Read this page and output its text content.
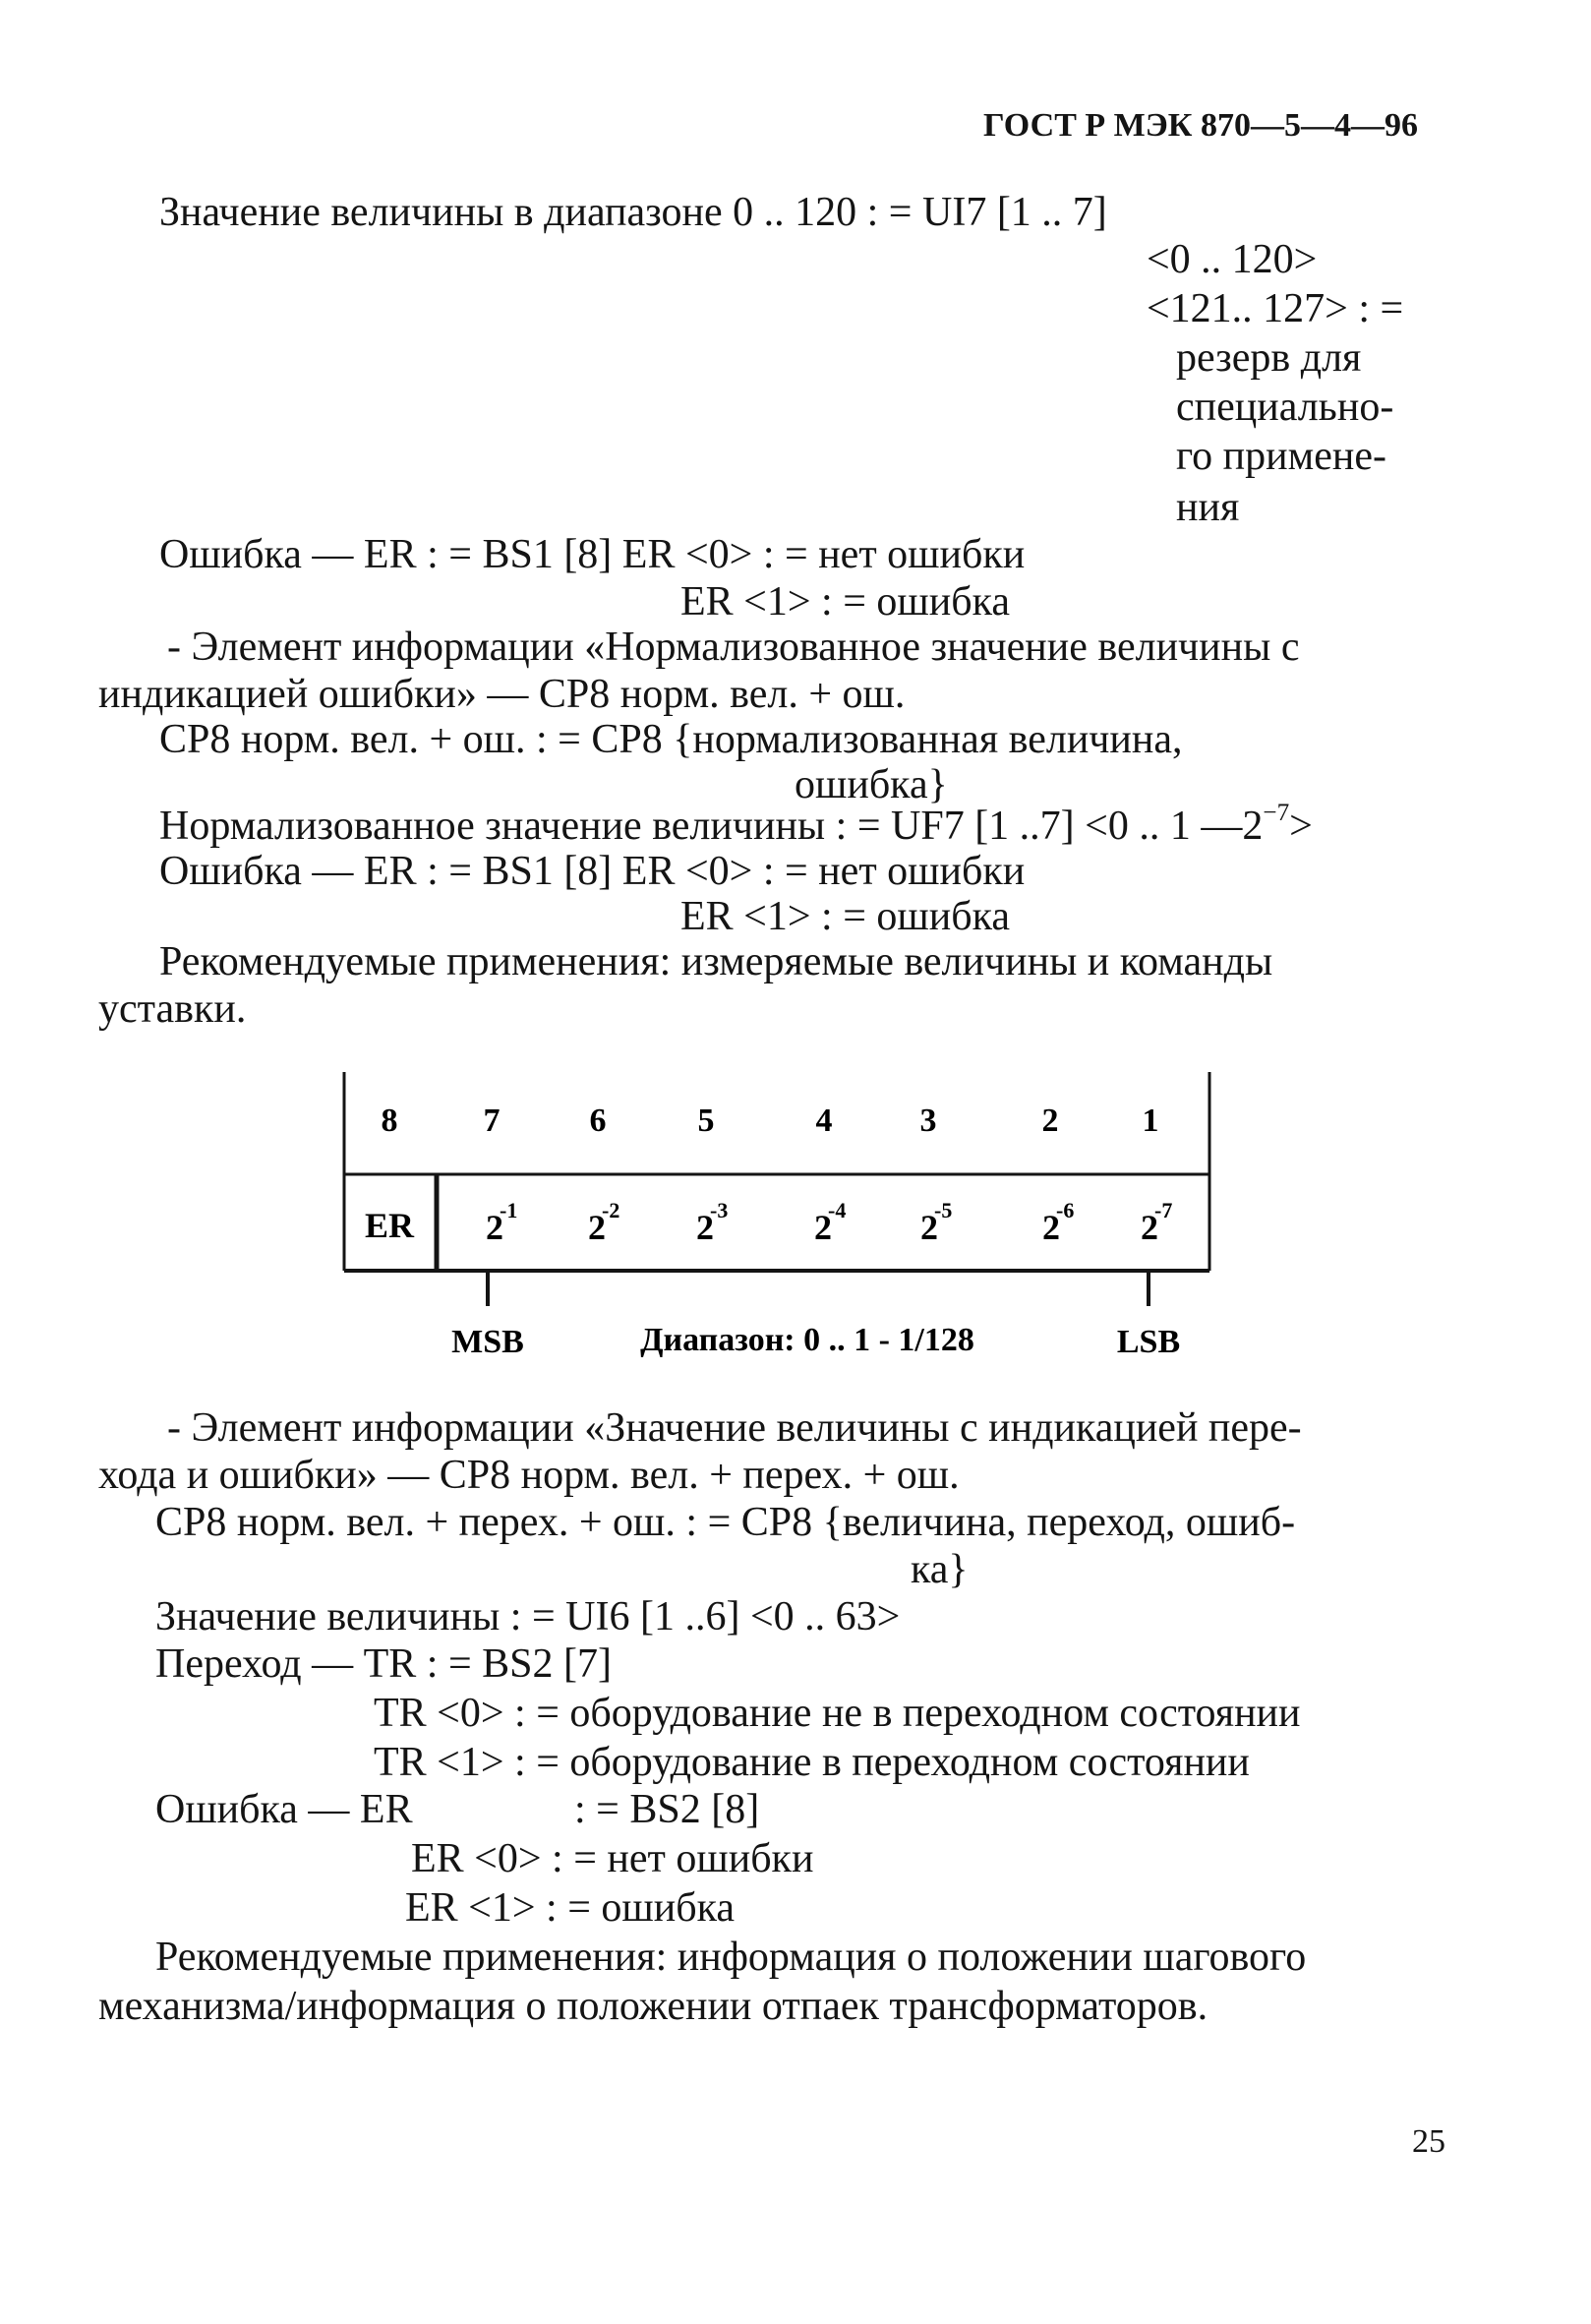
ГОСТ Р МЭК 870—5—4—96
Значение величины в диапазоне 0 .. 120 : = UI7 [1 .. 7]
<0 .. 120>
<121.. 127> : =
резерв для
специально-
го примене-
ния
Ошибка — ER : = BS1 [8] ER <0> : = нет ошибки
ER <1> : = ошибка
- Элемент информации «Нормализованное значение величины с
индикацией ошибки» — СР8 норм. вел. + ош.
СР8 норм. вел. + ош. : = СР8 {нормализованная величина,
ошибка}
Нормализованное значение величины : = UF7 [1 ..7] <0 .. 1 $—2^{-7}>$
Ошибка — ER : = BS1 [8] ER <0> : = нет ошибки
ER <1> : = ошибка
Рекомендуемые применения: измеряемые величины и команды
уставки.
8	7	6	5	4	3	2	1
ER 2-1 2-2 2-3 2-4 2-5	2-6 2-7
MSB	Диапазон: 0 .. 1 - 1/128	LSB
- Элемент информации «Значение величины с индикацией пере-
хода и ошибки» — СР8 норм. вел. + перех. + ош.
СР8 норм. вел. + перех. + ош. : = СР8 {величина, переход, ошиб-
ка}
Значение величины : = UI6 [1 ..6] <0 .. 63>
Переход — TR : = BS2 [7]
TR <0> : = оборудование не в переходном состоянии
TR <1> : = оборудование в переходном состоянии
Ошибка — ER	: = BS2 [8]
ER <0> : = нет ошибки
ER <1> : = ошибка
Рекомендуемые применения: информация о положении шагового
механизма/информация о положении отпаек трансформаторов.
25
